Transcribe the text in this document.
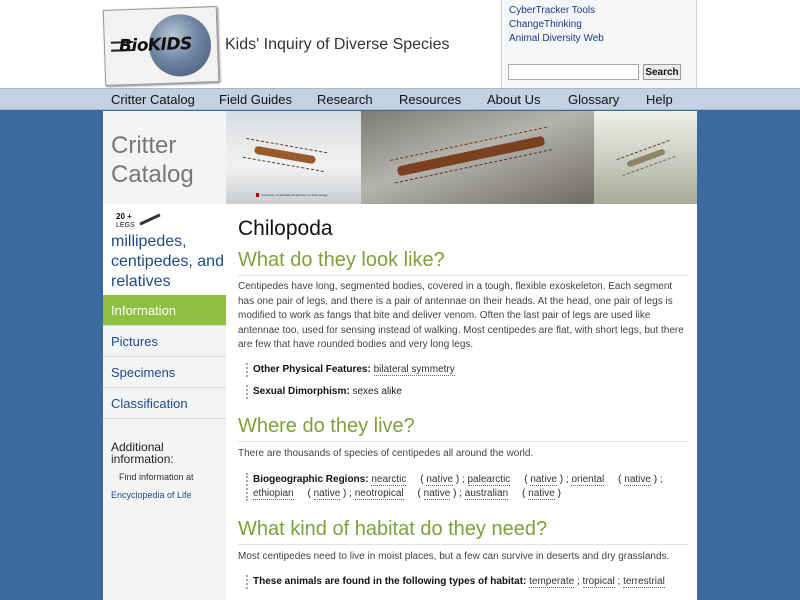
BioKIDS Kids' Inquiry of Diverse Species
CyberTracker Tools
ChangeThinking
Animal Diversity Web
Search
Critter Catalog Field Guides Research Resources About Us Glossary Help
Critter Catalog
20 +
LEGS
millipedes, centipedes, and relatives
Information
Pictures
Specimens
Classification
Additional information:
Find information at
Encyclopedia of Life
University of Nebraska Department of Entomology
Chilopoda
What do they look like?
Centipedes have long, segmented bodies, covered in a tough, flexible exoskeleton. Each segment has one pair of legs, and there is a pair of antennae on their heads. At the head, one pair of legs is modified to work as fangs that bite and deliver venom. Often the last pair of legs are used like antennae too, used for sensing instead of walking. Most centipedes are flat, with short legs, but there are few that have rounded bodies and very long legs.
Other Physical Features: bilateral symmetry
Sexual Dimorphism: sexes alike
Where do they live?
There are thousands of species of centipedes all around the world.
Biogeographic Regions: nearctic     ( native ) ; palearctic     ( native ) ; oriental     ( native ) ; ethiopian     ( native ) ; neotropical     ( native ) ; australian     ( native )
What kind of habitat do they need?
Most centipedes need to live in moist places, but a few can survive in deserts and dry grasslands.
These animals are found in the following types of habitat: temperate ; tropical ; terrestrial
